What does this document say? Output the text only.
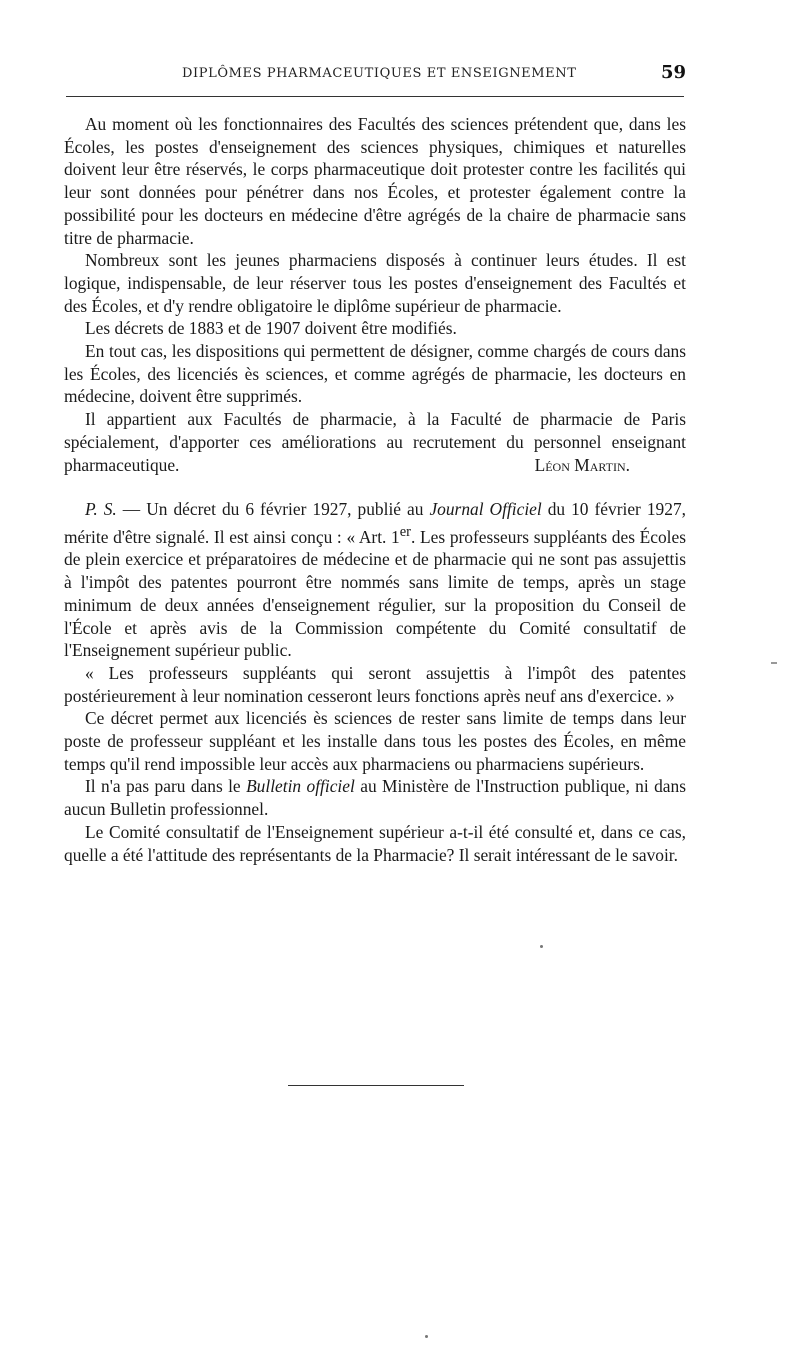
DIPLÔMES PHARMACEUTIQUES ET ENSEIGNEMENT	59

Au moment où les fonctionnaires des Facultés des sciences prétendent que, dans les Écoles, les postes d'enseignement des sciences physiques, chimiques et naturelles doivent leur être réservés, le corps pharmaceutique doit protester contre les facilités qui leur sont données pour pénétrer dans nos Écoles, et protester également contre la possibilité pour les docteurs en médecine d'être agrégés de la chaire de pharmacie sans titre de pharmacie.

Nombreux sont les jeunes pharmaciens disposés à continuer leurs études. Il est logique, indispensable, de leur réserver tous les postes d'enseignement des Facultés et des Écoles, et d'y rendre obligatoire le diplôme supérieur de pharmacie.

Les décrets de 1883 et de 1907 doivent être modifiés.

En tout cas, les dispositions qui permettent de désigner, comme chargés de cours dans les Écoles, des licenciés ès sciences, et comme agrégés de pharmacie, les docteurs en médecine, doivent être supprimés.

Il appartient aux Facultés de pharmacie, à la Faculté de pharmacie de Paris spécialement, d'apporter ces améliorations au recrutement du personnel enseignant pharmaceutique.	Léon Martin.

P. S. — Un décret du 6 février 1927, publié au Journal Officiel du 10 février 1927, mérite d'être signalé. Il est ainsi conçu : « Art. 1er. Les professeurs suppléants des Écoles de plein exercice et préparatoires de médecine et de pharmacie qui ne sont pas assujettis à l'impôt des patentes pourront être nommés sans limite de temps, après un stage minimum de deux années d'enseignement régulier, sur la proposition du Conseil de l'École et après avis de la Commission compétente du Comité consultatif de l'Enseignement supérieur public.

« Les professeurs suppléants qui seront assujettis à l'impôt des patentes postérieurement à leur nomination cesseront leurs fonctions après neuf ans d'exercice. »

Ce décret permet aux licenciés ès sciences de rester sans limite de temps dans leur poste de professeur suppléant et les installe dans tous les postes des Écoles, en même temps qu'il rend impossible leur accès aux pharmaciens ou pharmaciens supérieurs.

Il n'a pas paru dans le Bulletin officiel au Ministère de l'Instruction publique, ni dans aucun Bulletin professionnel.

Le Comité consultatif de l'Enseignement supérieur a-t-il été consulté et, dans ce cas, quelle a été l'attitude des représentants de la Pharmacie? Il serait intéressant de le savoir.
